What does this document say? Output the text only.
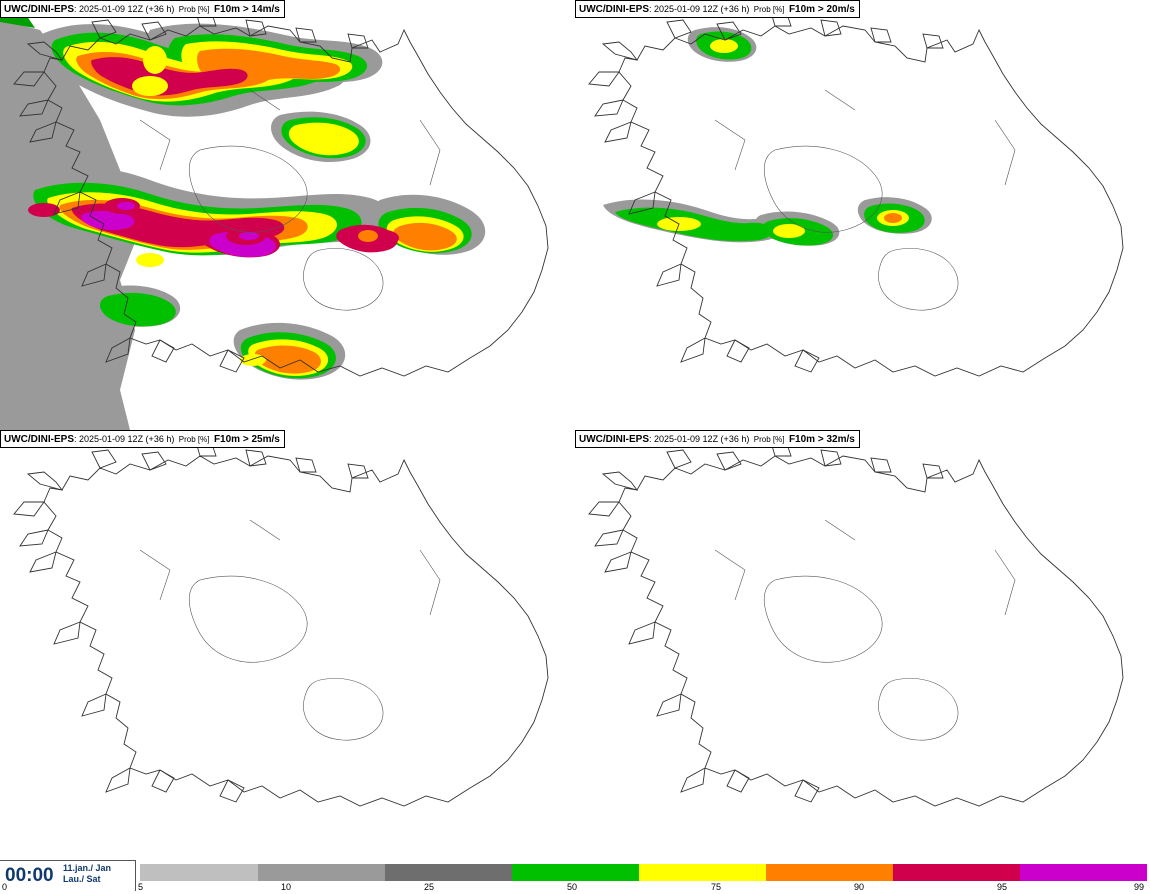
UWC/DINI-EPS: 2025-01-09 12Z (+36 h) Prob [%] F10m > 14m/s	UWC/DINI-EPS: 2025-01-09 12Z (+36 h) Prob [%] F10m > 20m/s
UWC/DINI-EPS: 2025-01-09 12Z (+36 h) Prob [%] F10m > 25m/s	UWC/DINI-EPS: 2025-01-09 12Z (+36 h) Prob [%] F10m > 32m/s
00:00 11.jan./ Jan
Lau./ Sat
0	5	10	25	50	75	90	95	99
